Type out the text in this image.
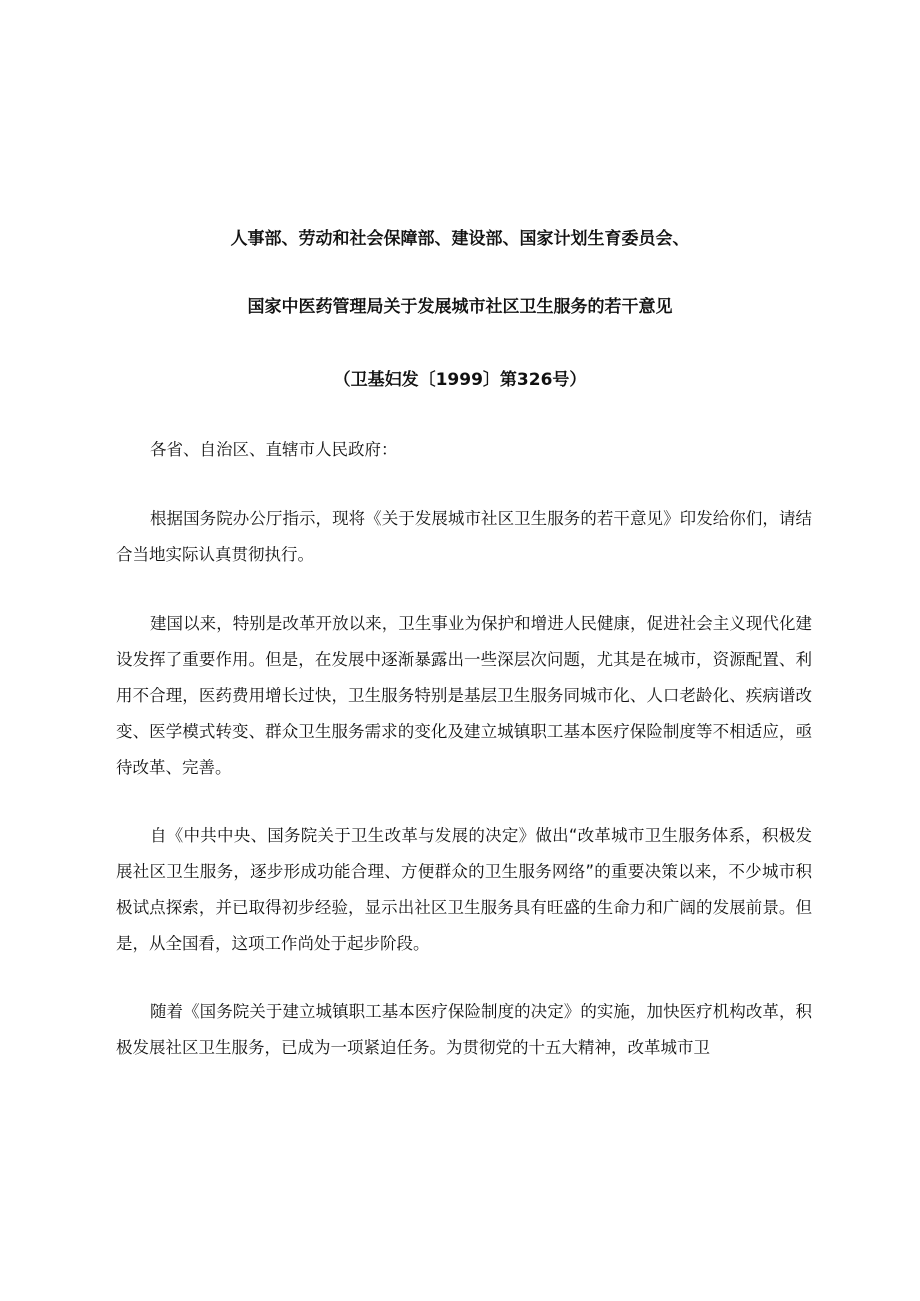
人事部、劳动和社会保障部、建设部、国家计划生育委员会、
国家中医药管理局关于发展城市社区卫生服务的若干意见
（卫基妇发〔1999〕第326号）

各省、自治区、直辖市人民政府：

根据国务院办公厅指示，现将《关于发展城市社区卫生服务的若干意见》印发给你们，请结合当地实际认真贯彻执行。

建国以来，特别是改革开放以来，卫生事业为保护和增进人民健康，促进社会主义现代化建设发挥了重要作用。但是，在发展中逐渐暴露出一些深层次问题，尤其是在城市，资源配置、利用不合理，医药费用增长过快，卫生服务特别是基层卫生服务同城市化、人口老龄化、疾病谱改变、医学模式转变、群众卫生服务需求的变化及建立城镇职工基本医疗保险制度等不相适应，亟待改革、完善。

自《中共中央、国务院关于卫生改革与发展的决定》做出“改革城市卫生服务体系，积极发展社区卫生服务，逐步形成功能合理、方便群众的卫生服务网络”的重要决策以来，不少城市积极试点探索，并已取得初步经验，显示出社区卫生服务具有旺盛的生命力和广阔的发展前景。但是，从全国看，这项工作尚处于起步阶段。

随着《国务院关于建立城镇职工基本医疗保险制度的决定》的实施，加快医疗机构改革，积极发展社区卫生服务，已成为一项紧迫任务。为贯彻党的十五大精神，改革城市卫
